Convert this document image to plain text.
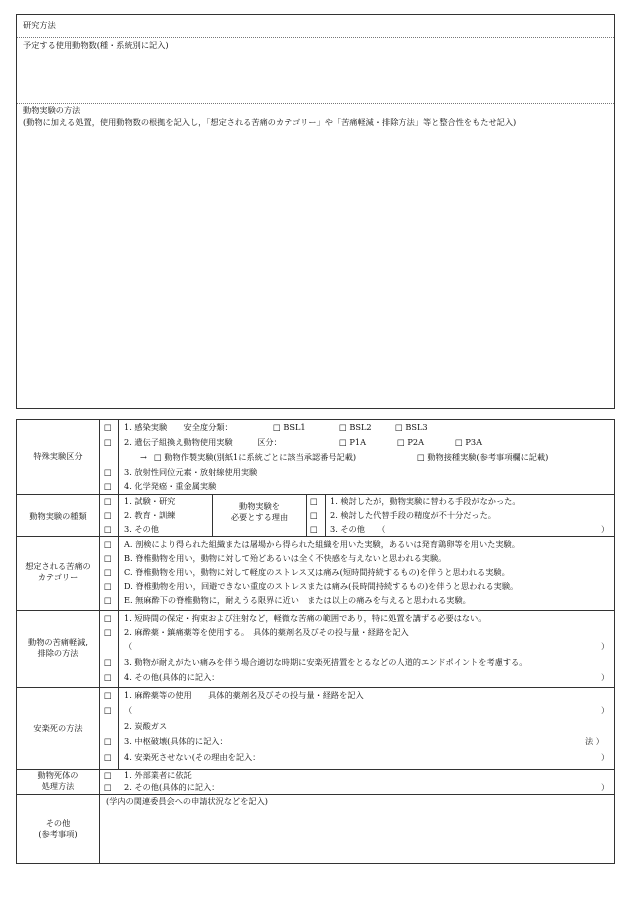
研究方法
予定する使用動物数(種・系統別に記入)
動物実験の方法
(動物に加える処置，使用動物数の根拠を記入し，「想定される苦痛のカテゴリー」や「苦痛軽減・排除方法」等と整合性をもたせ記入)
特殊実験区分
□ 1. 感染実験　　安全度分類：	□ BSL1	□ BSL2	□ BSL3
□ 2. 遺伝子組換え動物使用実験　　　区分：	□ P1A	□ P2A	□ P3A
→ □ 動物作製実験(別紙1に系統ごとに該当承認番号記載)	□ 動物接種実験(参考事項欄に記載)
□ 3. 放射性同位元素・放射線使用実験
□ 4. 化学発癌・重金属実験
動物実験の種類
□ 1. 試験・研究
□ 2. 教育・訓練
□ 3. その他
動物実験を
必要とする理由
□ 1. 検討したが，動物実験に替わる手段がなかった。
□ 2. 検討した代替手段の精度が不十分だった。
□ 3. その他　　（	）
想定される苦痛の
カテゴリー
□ A. 剖検により得られた組織または屠場から得られた組織を用いた実験，あるいは発育鶏卵等を用いた実験。
□ B. 脊椎動物を用い，動物に対して殆どあるいは全く不快感を与えないと思われる実験。
□ C. 脊椎動物を用い，動物に対して軽度のストレス又は痛み(短時間持続するもの)を伴うと思われる実験。
□ D. 脊椎動物を用い，回避できない重度のストレスまたは痛み(長時間持続するもの)を伴うと思われる実験。
□ E. 無麻酔下の脊椎動物に，耐えうる限界に近い　または以上の痛みを与えると思われる実験。
動物の苦痛軽減,
排除の方法
□ 1. 短時間の保定・拘束および注射など，軽微な苦痛の範囲であり，特に処置を講ずる必要はない。
□ 2. 麻酔薬・鎮痛薬等を使用する。　具体的薬剤名及びその投与量・経路を記入
（	）
□ 3. 動物が耐えがたい痛みを伴う場合適切な時期に安楽死措置をとるなどの人道的エンドポイントを考慮する。
□ 4. その他(具体的に記入：	）
安楽死の方法
□ 1. 麻酔薬等の使用　　具体的薬剤名及びその投与量・経路を記入
□ （	）
2. 炭酸ガス
□ 3. 中枢破壊(具体的に記入：	法 ）
□ 4. 安楽死させない(その理由を記入：	）
動物死体の
処理方法
□ 1. 外部業者に依託
□ 2. その他(具体的に記入：	）
その他
(参考事項)
(学内の関連委員会への申請状況などを記入)
